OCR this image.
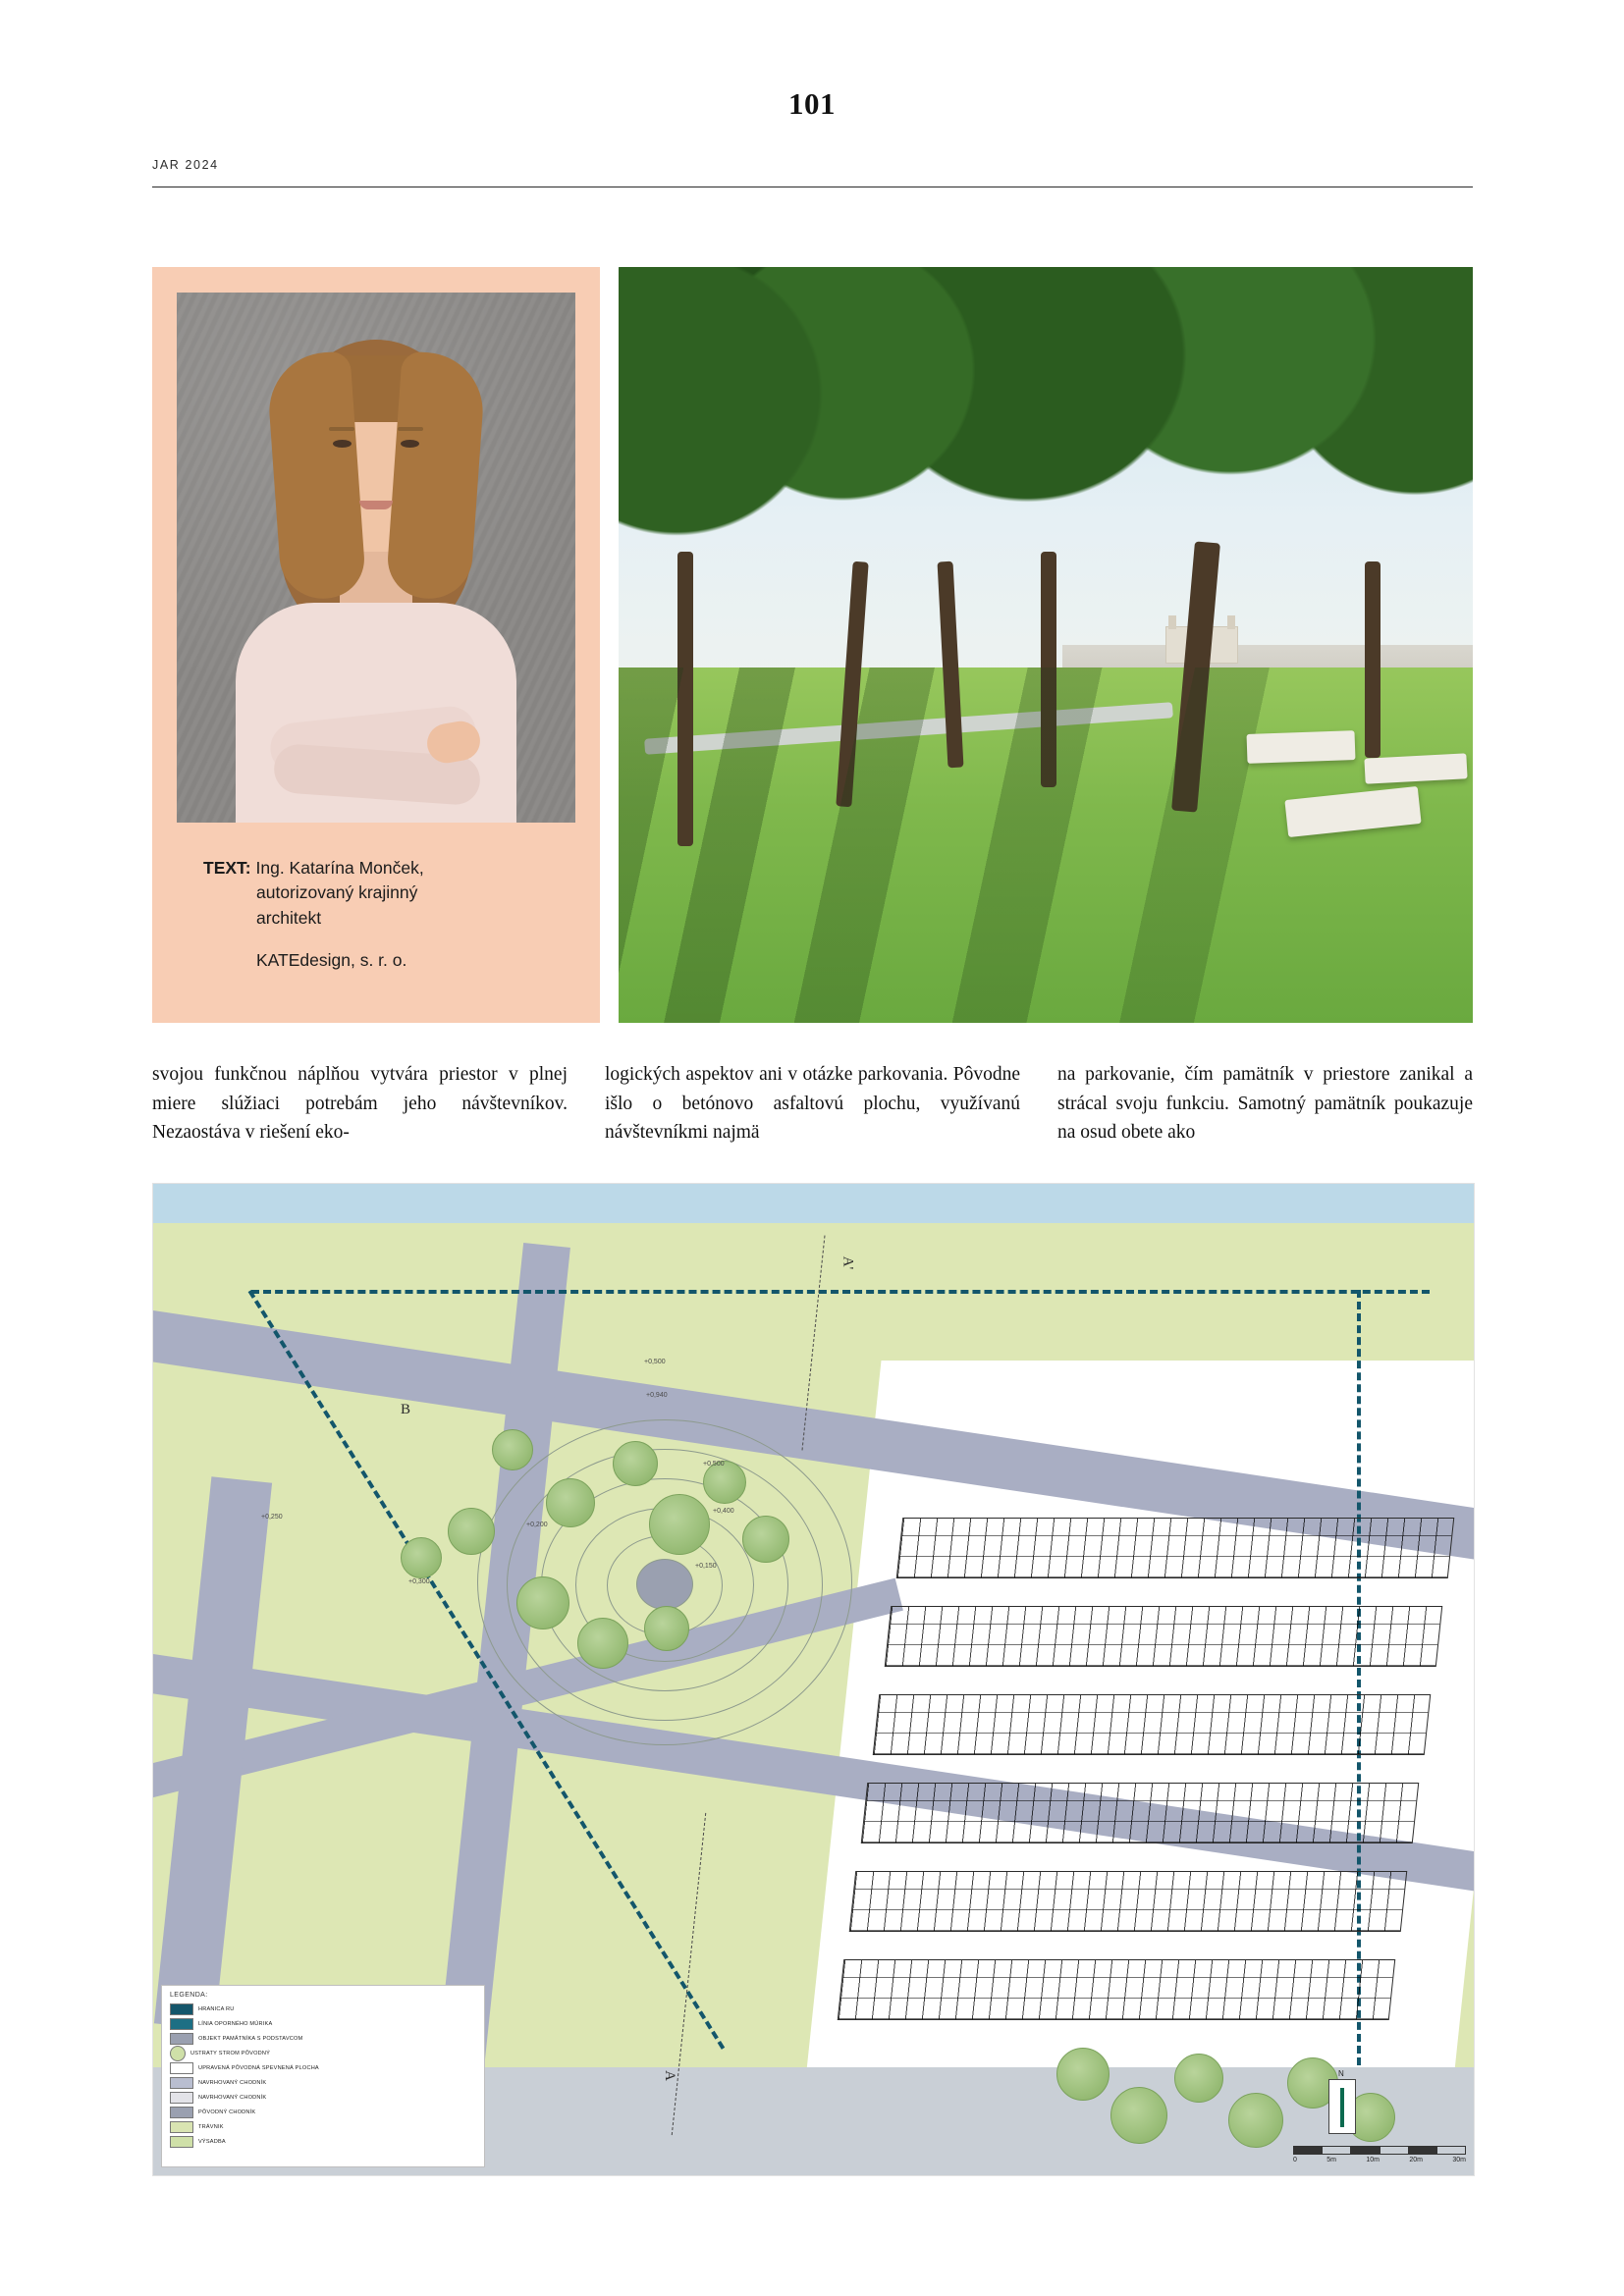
101
JAR 2024
TEXT: Ing. Katarína Monček,
autorizovaný krajinný
architekt
KATEdesign, s. r. o.
svojou funkčnou náplňou vytvára priestor v plnej miere slúžiaci potrebám jeho návštevníkov. Nezaostáva v riešení eko-
logických aspektov ani v otázke parkovania. Pôvodne išlo o betónovo asfaltovú plochu, využívanú návštevníkmi najmä
na parkovanie, čím pamätník v priestore zanikal a strácal svoju funkciu. Samotný pamätník poukazuje na osud obete ako
A'
B
A
+0,500
+0,940
+0,500
+0,400
+0,150
+0,200
+0,250
+0,300
LEGENDA:
HRANICA RU
LÍNIA OPORNÉHO MÚRIKA
OBJEKT PAMÄTNÍKA S PODSTAVCOM
USTRATY STROM PÔVODNÝ
UPRAVENÁ PÔVODNÁ SPEVNENÁ PLOCHA
NAVRHOVANÝ CHODNÍK
NAVRHOVANÝ CHODNÍK
PÔVODNÝ CHODNÍK
TRÁVNIK
VÝSADBA
N
0	5m	10m	20m	30m
